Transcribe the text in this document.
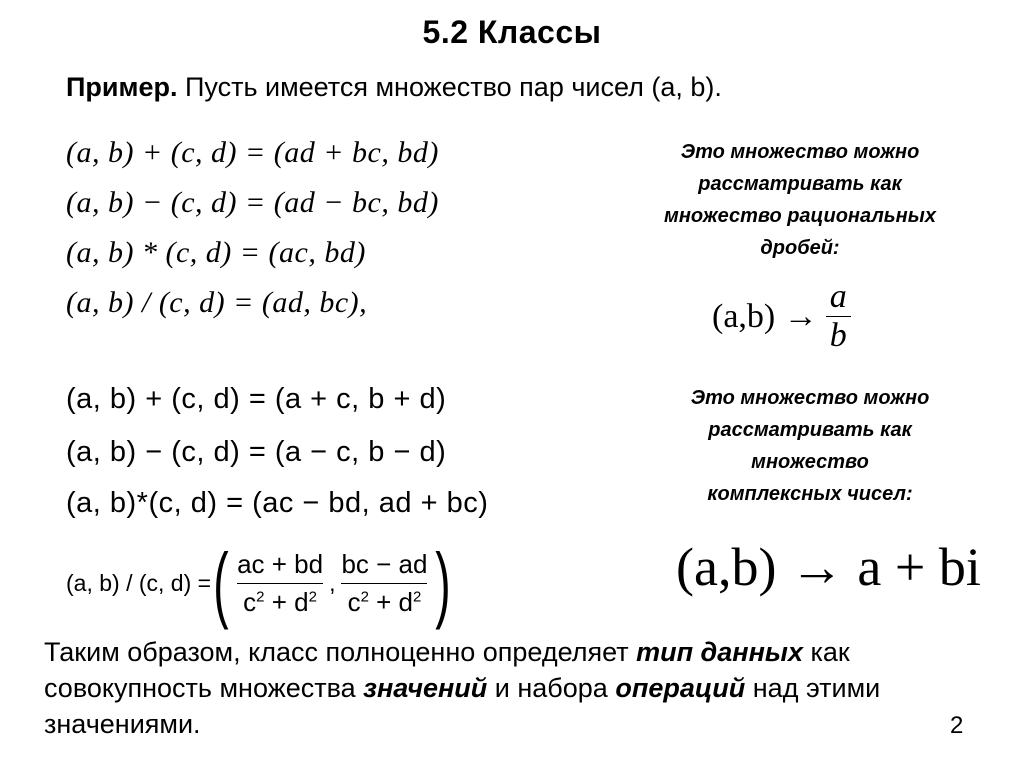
5.2 Классы
Пример. Пусть имеется множество пар чисел (a, b).
(a, b) + (c, d) = (ad + bc, bd)
(a, b) − (c, d) = (ad − bc, bd)
(a, b) * (c, d) = (ac, bd)
(a, b) / (c, d) = (ad, bc),
Это множество можно
рассматривать как
множество рациональных
дробей:
$(a,b) \to \frac{a}{b}$
(a, b) + (c, d) = (a + c, b + d)
(a, b) − (c, d) = (a − c, b − d)
(a, b)*(c, d) = (ac − bd, ad + bc)
(a, b) / (c, d) = ( ac + bd
$c^2 + d^2$
,
bc − ad
$c^2 + d^2$ )
Это множество можно
рассматривать как
множество
комплексных чисел:
(a,b) → a + bi
Таким образом, класс полноценно определяет тип данных как совокупность множества значений и набора операций над этими значениями.	2
